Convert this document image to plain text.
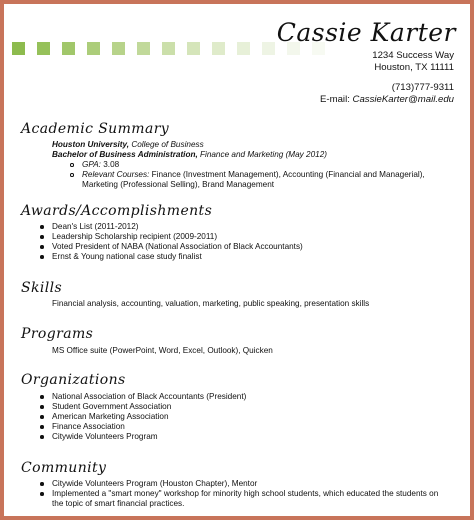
Cassie Karter
1234 Success Way
Houston, TX 11111
(713)777-9311
E-mail: CassieKarter@mail.edu
Academic Summary
Houston University, College of Business
Bachelor of Business Administration, Finance and Marketing (May 2012)
GPA: 3.08
Relevant Courses: Finance (Investment Management), Accounting (Financial and Managerial), Marketing (Professional Selling), Brand Management
Awards/Accomplishments
Dean's List (2011-2012)
Leadership Scholarship recipient (2009-2011)
Voted President of NABA (National Association of Black Accountants)
Ernst & Young national case study finalist
Skills
Financial analysis, accounting, valuation, marketing, public speaking, presentation skills
Programs
MS Office suite (PowerPoint, Word, Excel, Outlook), Quicken
Organizations
National Association of Black Accountants (President)
Student Government Association
American Marketing Association
Finance Association
Citywide Volunteers Program
Community
Citywide Volunteers Program (Houston Chapter), Mentor
Implemented a "smart money" workshop for minority high school students, which educated the students on the topic of smart financial practices.
